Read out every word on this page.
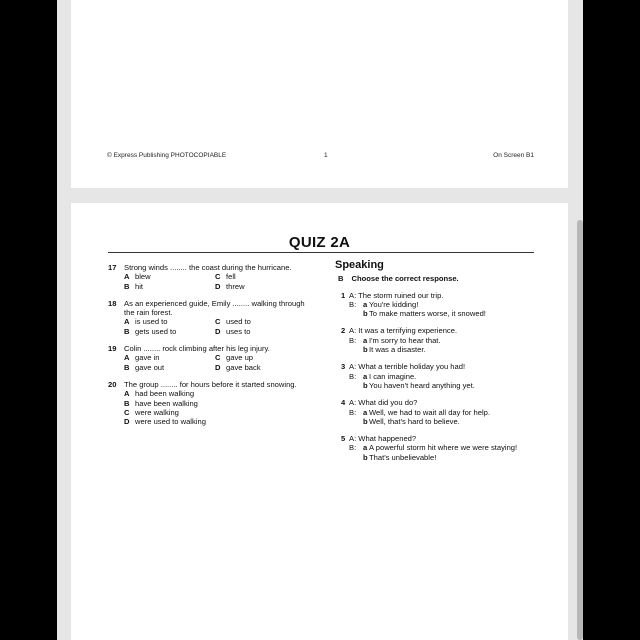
© Express Publishing PHOTOCOPIABLE	1	On Screen B1
QUIZ 2A
17 Strong winds ........ the coast during the hurricane.
A blew	C fell
B hit	D threw
18 As an experienced guide, Emily ........ walking through the rain forest.
A is used to	C used to
B gets used to	D uses to
19 Colin ........ rock climbing after his leg injury.
A gave in	C gave up
B gave out	D gave back
20 The group ........ for hours before it started snowing.
A had been walking
B have been walking
C were walking
D were used to walking
Speaking
B Choose the correct response.
1 A: The storm ruined our trip.
B: a You're kidding!
b To make matters worse, it snowed!
2 A: It was a terrifying experience.
B: a I'm sorry to hear that.
b It was a disaster.
3 A: What a terrible holiday you had!
B: a I can imagine.
b You haven't heard anything yet.
4 A: What did you do?
B: a Well, we had to wait all day for help.
b Well, that's hard to believe.
5 A: What happened?
B: a A powerful storm hit where we were staying!
b That's unbelievable!
